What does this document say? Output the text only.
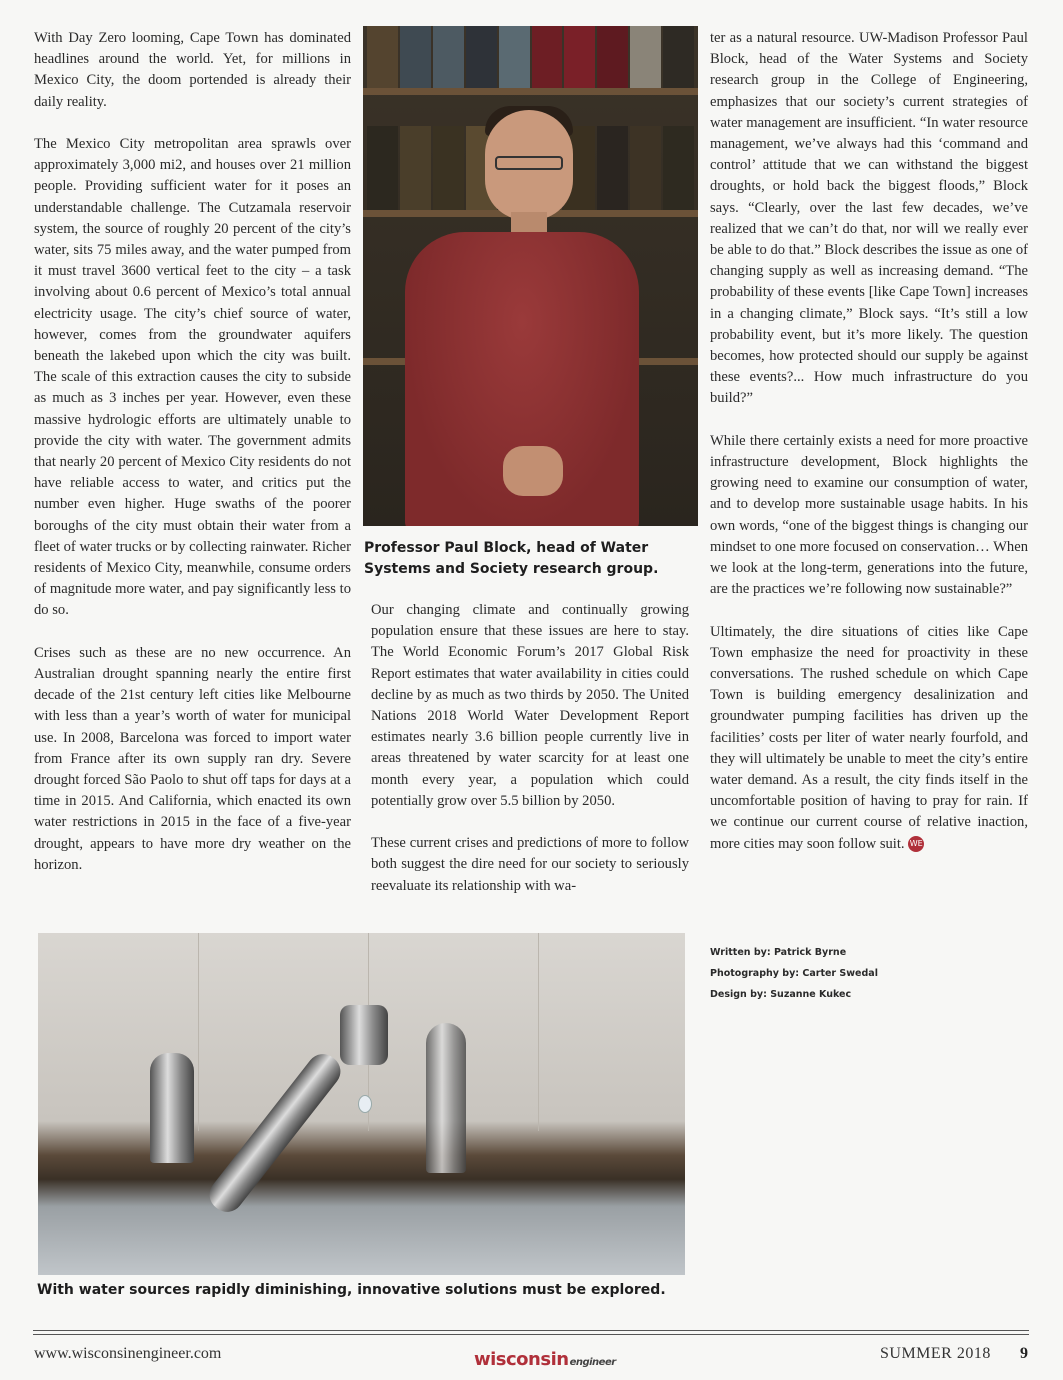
With Day Zero looming, Cape Town has dominated headlines around the world. Yet, for millions in Mexico City, the doom portended is already their daily reality.

The Mexico City metropolitan area sprawls over approximately 3,000 mi2, and houses over 21 million people. Providing sufficient water for it poses an understandable challenge. The Cutzamala reservoir system, the source of roughly 20 percent of the city’s water, sits 75 miles away, and the water pumped from it must travel 3600 vertical feet to the city – a task involving about 0.6 percent of Mexico’s total annual electricity usage. The city’s chief source of water, however, comes from the groundwater aquifers beneath the lakebed upon which the city was built. The scale of this extraction causes the city to subside as much as 3 inches per year. However, even these massive hydrologic efforts are ultimately unable to provide the city with water. The government admits that nearly 20 percent of Mexico City residents do not have reliable access to water, and critics put the number even higher. Huge swaths of the poorer boroughs of the city must obtain their water from a fleet of water trucks or by collecting rainwater. Richer residents of Mexico City, meanwhile, consume orders of magnitude more water, and pay significantly less to do so.

Crises such as these are no new occurrence. An Australian drought spanning nearly the entire first decade of the 21st century left cities like Melbourne with less than a year’s worth of water for municipal use. In 2008, Barcelona was forced to import water from France after its own supply ran dry. Severe drought forced São Paolo to shut off taps for days at a time in 2015. And California, which enacted its own water restrictions in 2015 in the face of a five-year drought, appears to have more dry weather on the horizon.

Professor Paul Block, head of Water Systems and Society research group.

Our changing climate and continually growing population ensure that these issues are here to stay. The World Economic Forum’s 2017 Global Risk Report estimates that water availability in cities could decline by as much as two thirds by 2050. The United Nations 2018 World Water Development Report estimates nearly 3.6 billion people currently live in areas threatened by water scarcity for at least one month every year, a population which could potentially grow over 5.5 billion by 2050.

These current crises and predictions of more to follow both suggest the dire need for our society to seriously reevaluate its relationship with wa-

ter as a natural resource. UW-Madison Professor Paul Block, head of the Water Systems and Society research group in the College of Engineering, emphasizes that our society’s current strategies of water management are insufficient. “In water resource management, we’ve always had this ‘command and control’ attitude that we can withstand the biggest droughts, or hold back the biggest floods,” Block says. “Clearly, over the last few decades, we’ve realized that we can’t do that, nor will we really ever be able to do that.” Block describes the issue as one of changing supply as well as increasing demand. “The probability of these events [like Cape Town] increases in a changing climate,” Block says. “It’s still a low probability event, but it’s more likely. The question becomes, how protected should our supply be against these events?... How much infrastructure do you build?”

While there certainly exists a need for more proactive infrastructure development, Block highlights the growing need to examine our consumption of water, and to develop more sustainable usage habits. In his own words, “one of the biggest things is changing our mindset to one more focused on conservation… When we look at the long-term, generations into the future, are the practices we’re following now sustainable?”

Ultimately, the dire situations of cities like Cape Town emphasize the need for proactivity in these conversations. The rushed schedule on which Cape Town is building emergency desalinization and groundwater pumping facilities has driven up the facilities’ costs per liter of water nearly fourfold, and they will ultimately be unable to meet the city’s entire water demand. As a result, the city finds itself in the uncomfortable position of having to pray for rain. If we continue our current course of relative inaction, more cities may soon follow suit. WE

Written by: Patrick Byrne
Photography by: Carter Swedal
Design by: Suzanne Kukec
With water sources rapidly diminishing, innovative solutions must be explored.
www.wisconsinengineer.com	wisconsinengineer
SUMMER 2018 9
